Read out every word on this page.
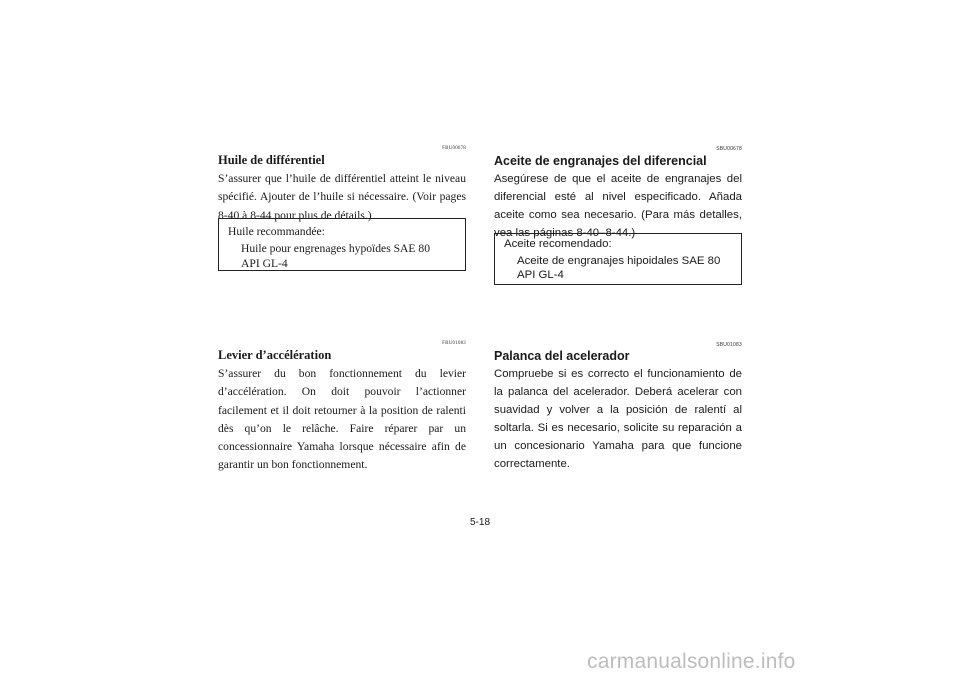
FBU00678
Huile de différentiel

S’assurer que l’huile de différentiel atteint le niveau spécifié. Ajouter de l’huile si nécessaire. (Voir pages 8-40 à 8-44 pour plus de détails.)

Huile recommandée:
Huile pour engrenages hypoïdes SAE 80
API GL-4
FBU01083
Levier d’accélération

S’assurer du bon fonctionnement du levier d’accélération. On doit pouvoir l’actionner facilement et il doit retourner à la position de ralenti dès qu’on le relâche. Faire réparer par un concessionnaire Yamaha lorsque nécessaire afin de garantir un bon fonctionnement.

SBU00678
Aceite de engranajes del diferencial

Asegúrese de que el aceite de engranajes del diferencial esté al nivel especificado. Añada aceite como sea necesario. (Para más detalles, vea las páginas 8-40–8-44.)

Aceite recomendado:
Aceite de engranajes hipoidales SAE 80
API GL-4
SBU01083
Palanca del acelerador

Compruebe si es correcto el funcionamiento de la palanca del acelerador. Deberá acelerar con suavidad y volver a la posición de ralentí al soltarla. Si es necesario, solicite su reparación a un concesionario Yamaha para que funcione correctamente.

5-18
carmanualsonline.info
